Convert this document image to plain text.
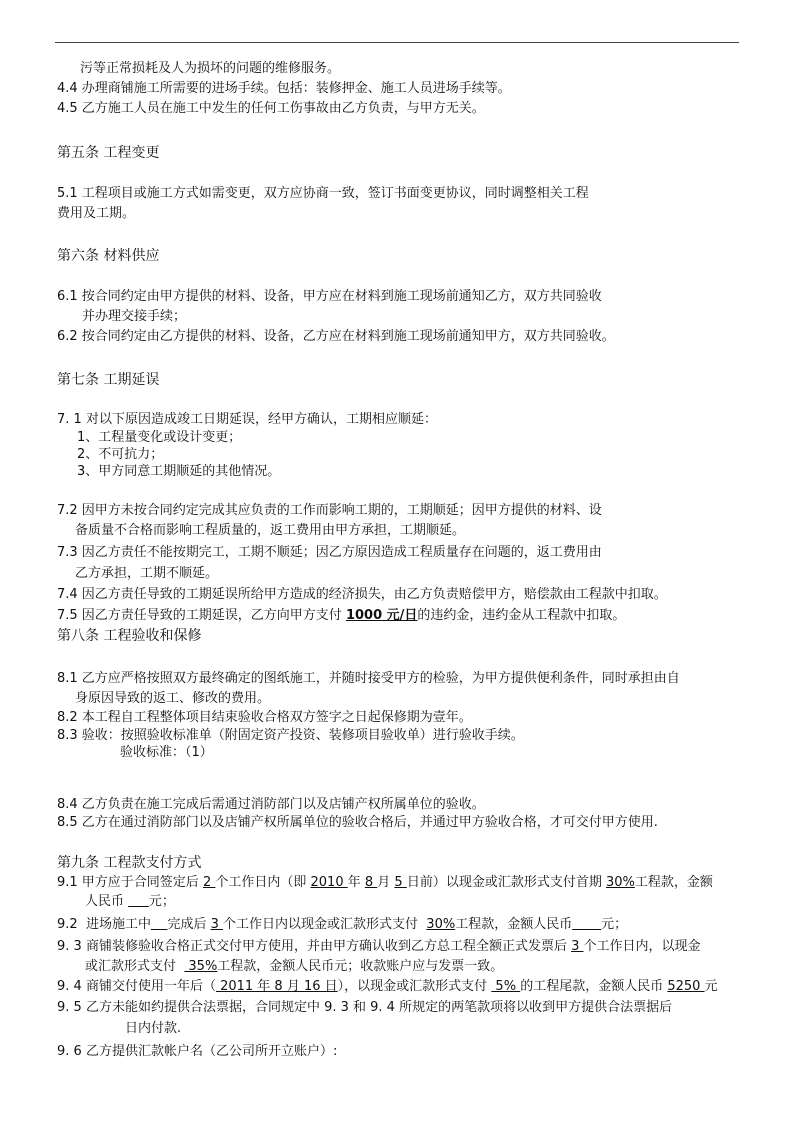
污等正常损耗及人为损坏的问题的维修服务。
4.4 办理商铺施工所需要的进场手续。包括：装修押金、施工人员进场手续等。
4.5 乙方施工人员在施工中发生的任何工伤事故由乙方负责，与甲方无关。
第五条 工程变更
5.1 工程项目或施工方式如需变更，双方应协商一致，签订书面变更协议，同时调整相关工程
费用及工期。
第六条 材料供应
6.1 按合同约定由甲方提供的材料、设备，甲方应在材料到施工现场前通知乙方，双方共同验收
并办理交接手续；
6.2 按合同约定由乙方提供的材料、设备，乙方应在材料到施工现场前通知甲方，双方共同验收。
第七条 工期延误
7. 1 对以下原因造成竣工日期延误，经甲方确认，工期相应顺延：
1、工程量变化或设计变更；
2、不可抗力；
3、甲方同意工期顺延的其他情况。
7.2 因甲方未按合同约定完成其应负责的工作而影响工期的，工期顺延；因甲方提供的材料、设
备质量不合格而影响工程质量的，返工费用由甲方承担，工期顺延。
7.3 因乙方责任不能按期完工，工期不顺延；因乙方原因造成工程质量存在问题的，返工费用由
乙方承担，工期不顺延。
7.4 因乙方责任导致的工期延误所给甲方造成的经济损失，由乙方负责赔偿甲方，赔偿款由工程款中扣取。
7.5 因乙方责任导致的工期延误，乙方向甲方支付 1000 元/日的违约金，违约金从工程款中扣取。
第八条 工程验收和保修
8.1 乙方应严格按照双方最终确定的图纸施工，并随时接受甲方的检验，为甲方提供便利条件，同时承担由自
身原因导致的返工、修改的费用。
8.2 本工程自工程整体项目结束验收合格双方签字之日起保修期为壹年。
8.3 验收：按照验收标准单（附固定资产投资、装修项目验收单）进行验收手续。
验收标准：（1）
8.4 乙方负责在施工完成后需通过消防部门以及店铺产权所属单位的验收。
8.5 乙方在通过消防部门以及店铺产权所属单位的验收合格后，并通过甲方验收合格，才可交付甲方使用.
第九条 工程款支付方式
9.1 甲方应于合同签定后 2 个工作日内（即 2010 年 8 月 5 日前）以现金或汇款形式支付首期 30%工程款，金额
人民币      元；
9.2  进场施工中 完成后 3 个工作日内以现金或汇款形式支付  30%工程款，金额人民币 元；
9. 3 商铺装修验收合格正式交付甲方使用，并由甲方确认收到乙方总工程全额正式发票后 3 个工作日内，以现金
或汇款形式支付   35%工程款，金额人民币元；收款账户应与发票一致。
9. 4 商铺交付使用一年后（ 2011 年 8 月 16 日），以现金或汇款形式支付  5% 的工程尾款，金额人民币 5250 元
9. 5 乙方未能如约提供合法票据，合同规定中 9. 3 和 9. 4 所规定的两笔款项将以收到甲方提供合法票据后
日内付款.
9. 6 乙方提供汇款帐户名（乙公司所开立账户）:
